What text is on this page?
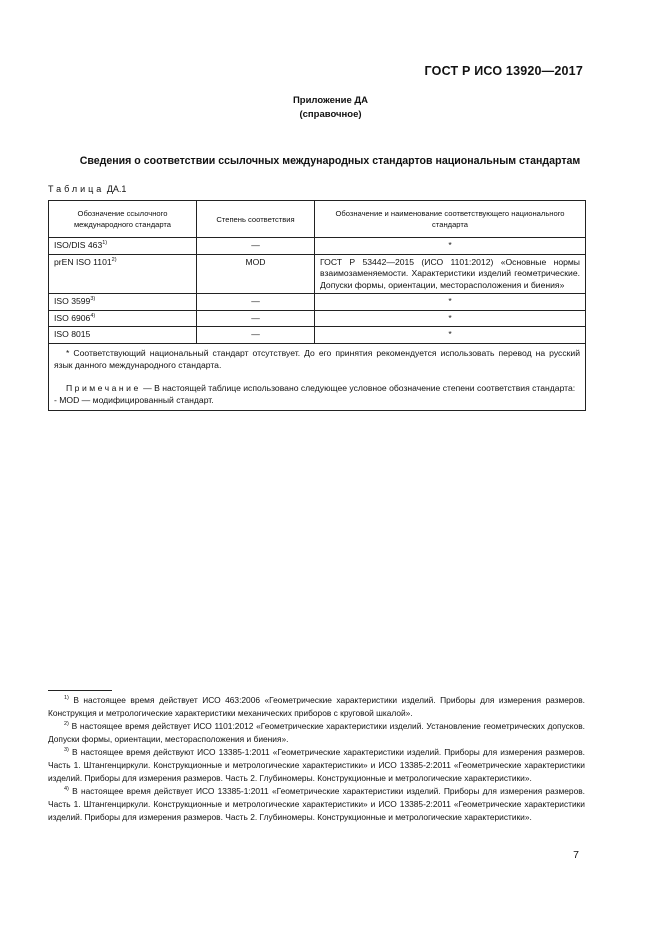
ГОСТ Р ИСО 13920—2017
Приложение ДА
(справочное)
Сведения о соответствии ссылочных международных стандартов национальным стандартам
Таблица ДА.1
Обозначение ссылочного международного стандарта	Степень соответствия	Обозначение и наименование соответствующего национального стандарта
ISO/DIS 463$^{1)}$	—	*
prEN ISO 1101$^{2)}$	MOD	ГОСТ Р 53442—2015 (ИСО 1101:2012) «Основные нормы взаимозаменяемости. Характеристики изделий геометрические. Допуски формы, ориентации, месторасположения и биения»
ISO 3599$^{3)}$	—	*
ISO 6906$^{4)}$	—	*
ISO 8015	—	*

* Соответствующий национальный стандарт отсутствует. До его принятия рекомендуется использовать перевод на русский язык данного международного стандарта.
Примечание — В настоящей таблице использовано следующее условное обозначение степени соответствия стандарта:
- MOD — модифицированный стандарт.		

$^{1)}$ В настоящее время действует ИСО 463:2006 «Геометрические характеристики изделий. Приборы для измерения размеров. Конструкция и метрологические характеристики механических приборов с круговой шкалой».

$^{2)}$ В настоящее время действует ИСО 1101:2012 «Геометрические характеристики изделий. Установление геометрических допусков. Допуски формы, ориентации, месторасположения и биения».

$^{3)}$ В настоящее время действуют ИСО 13385-1:2011 «Геометрические характеристики изделий. Приборы для измерения размеров. Часть 1. Штангенциркули. Конструкционные и метрологические характеристики» и ИСО 13385-2:2011 «Геометрические характеристики изделий. Приборы для измерения размеров. Часть 2. Глубиномеры. Конструкционные и метрологические характеристики».

$^{4)}$ В настоящее время действует ИСО 13385-1:2011 «Геометрические характеристики изделий. Приборы для измерения размеров. Часть 1. Штангенциркули. Конструкционные и метрологические характеристики» и ИСО 13385-2:2011 «Геометрические характеристики изделий. Приборы для измерения размеров. Часть 2. Глубиномеры. Конструкционные и метрологические характеристики».

7
